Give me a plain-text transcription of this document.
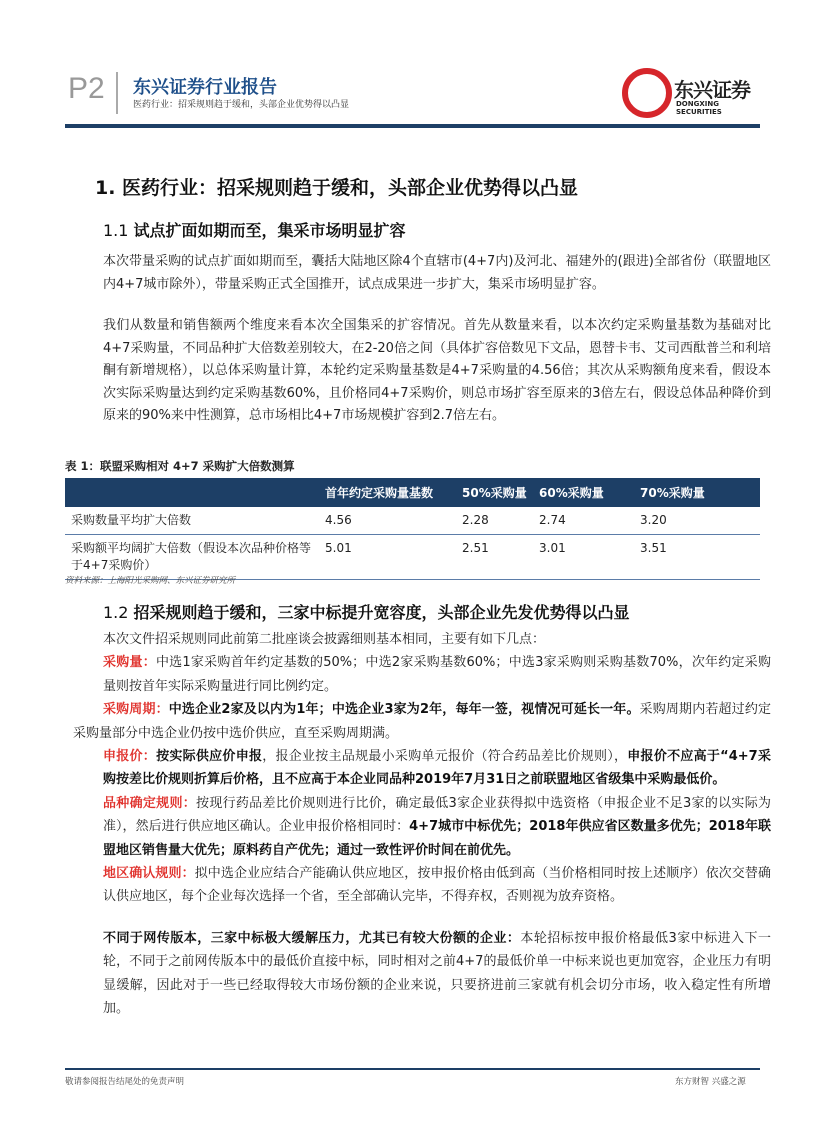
P2 东兴证券行业报告
医药行业：招采规则趋于缓和，头部企业优势得以凸显
东兴证券
DONGXING SECURITIES
1. 医药行业：招采规则趋于缓和，头部企业优势得以凸显
1.1 试点扩面如期而至，集采市场明显扩容
本次带量采购的试点扩面如期而至，囊括大陆地区除4个直辖市(4+7内)及河北、福建外的(跟进)全部省份（联盟地区内4+7城市除外），带量采购正式全国推开，试点成果进一步扩大，集采市场明显扩容。
我们从数量和销售额两个维度来看本次全国集采的扩容情况。首先从数量来看，以本次约定采购量基数为基础对比4+7采购量，不同品种扩大倍数差别较大，在2-20倍之间（具体扩容倍数见下文品，恩替卡韦、艾司西酞普兰和利培酮有新增规格），以总体采购量计算，本轮约定采购量基数是4+7采购量的4.56倍；其次从采购额角度来看，假设本次实际采购量达到约定采购基数60%，且价格同4+7采购价，则总市场扩容至原来的3倍左右，假设总体品种降价到原来的90%来中性测算，总市场相比4+7市场规模扩容到2.7倍左右。
表 1：联盟采购相对 4+7 采购扩大倍数测算
	首年约定采购量基数	50%采购量	60%采购量	70%采购量
采购数量平均扩大倍数	4.56	2.28	2.74	3.20
采购额平均阔扩大倍数（假设本次品种价格等于4+7采购价）	5.01	2.51	3.01	3.51
资料来源：上海阳光采购网、东兴证券研究所
1.2 招采规则趋于缓和，三家中标提升宽容度，头部企业先发优势得以凸显
本次文件招采规则同此前第二批座谈会披露细则基本相同，主要有如下几点：
采购量：中选1家采购首年约定基数的50%；中选2家采购基数60%；中选3家采购则采购基数70%，次年约定采购量则按首年实际采购量进行同比例约定。
采购周期：中选企业2家及以内为1年；中选企业3家为2年，每年一签，视情况可延长一年。采购周期内若超过约定采购量部分中选企业仍按中选价供应，直至采购周期满。
申报价：按实际供应价申报，报企业按主品规最小采购单元报价（符合药品差比价规则），申报价不应高于“4+7采购按差比价规则折算后价格，且不应高于本企业同品种2019年7月31日之前联盟地区省级集中采购最低价。
品种确定规则：按现行药品差比价规则进行比价，确定最低3家企业获得拟中选资格（申报企业不足3家的以实际为准），然后进行供应地区确认。企业申报价格相同时：4+7城市中标优先；2018年供应省区数量多优先；2018年联盟地区销售量大优先；原料药自产优先；通过一致性评价时间在前优先。
地区确认规则：拟中选企业应结合产能确认供应地区，按申报价格由低到高（当价格相同时按上述顺序）依次交替确认供应地区，每个企业每次选择一个省，至全部确认完毕，不得弃权，否则视为放弃资格。
不同于网传版本，三家中标极大缓解压力，尤其已有较大份额的企业：本轮招标按申报价格最低3家中标进入下一轮，不同于之前网传版本中的最低价直接中标，同时相对之前4+7的最低价单一中标来说也更加宽容，企业压力有明显缓解，因此对于一些已经取得较大市场份额的企业来说，只要挤进前三家就有机会切分市场，收入稳定性有所增加。
敬请参阅报告结尾处的免责声明	东方财智 兴盛之源
